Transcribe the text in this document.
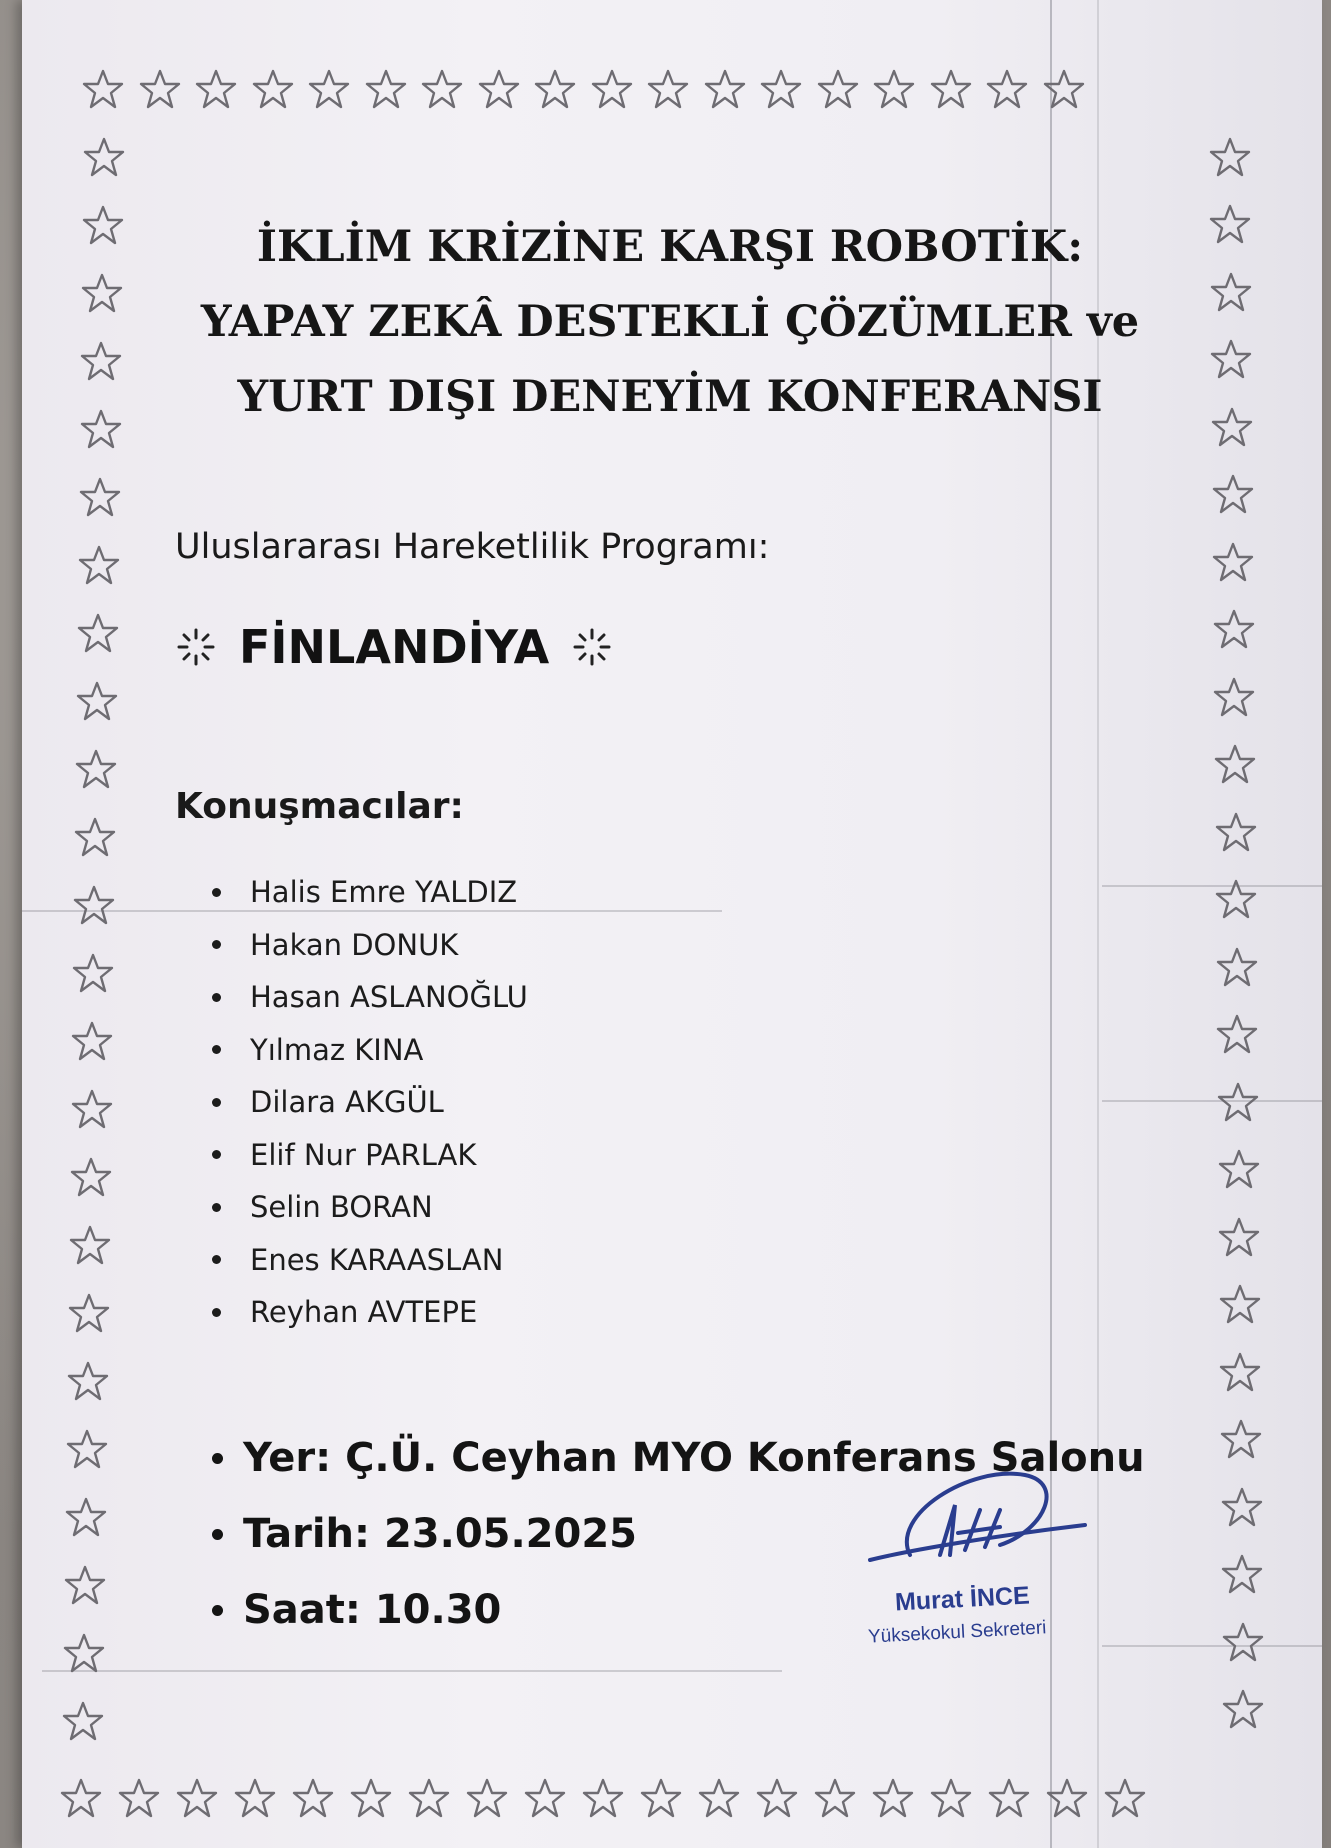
İKLİM KRİZİNE KARŞI ROBOTİK:
YAPAY ZEKÂ DESTEKLİ ÇÖZÜMLER ve
YURT DIŞI DENEYİM KONFERANSI
Uluslararası Hareketlilik Programı:
FİNLANDİYA
Konuşmacılar:
Halis Emre YALDIZ
Hakan DONUK
Hasan ASLANOĞLU
Yılmaz KINA
Dilara AKGÜL
Elif Nur PARLAK
Selin BORAN
Enes KARAASLAN
Reyhan AVTEPE
Yer: Ç.Ü. Ceyhan MYO Konferans Salonu
Tarih: 23.05.2025
Saat: 10.30	Murat İNCE
Yüksekokul Sekreteri
